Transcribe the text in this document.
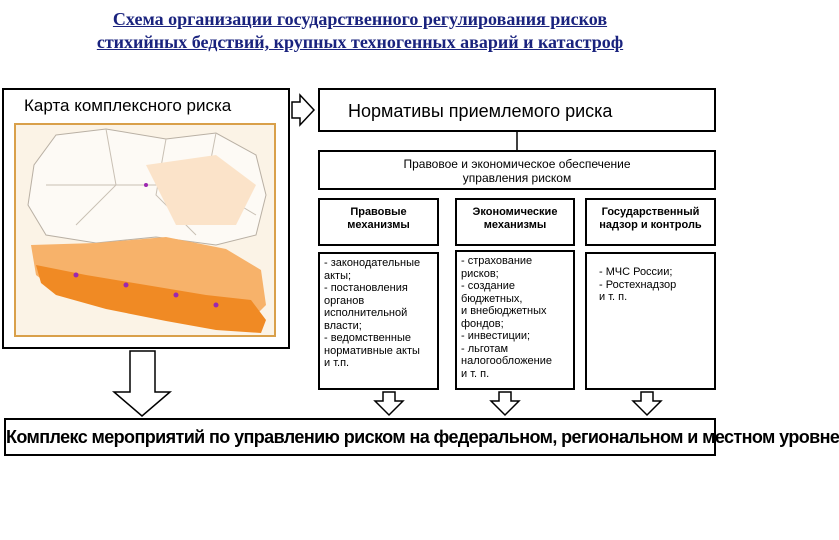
Схема организации государственного регулирования рисков
стихийных бедствий, крупных техногенных аварий и катастроф
Карта комплексного риска	Нормативы приемлемого риска
Правовое и экономическое обеспечение
управления риском
Правовые
механизмы
Экономические
механизмы
Государственный
надзор и контроль
- законодательные
акты;
- постановления
органов
исполнительной
власти;
- ведомственные
нормативные акты
и т.п.
- страхование
рисков;
- создание
бюджетных,
и внебюджетных
фондов;
- инвестиции;
- льготам
налогообложение
и т. п.
- МЧС России;
- Ростехнадзор
и т. п.
Комплекс мероприятий по управлению риском на федеральном, региональном и местном уровне
